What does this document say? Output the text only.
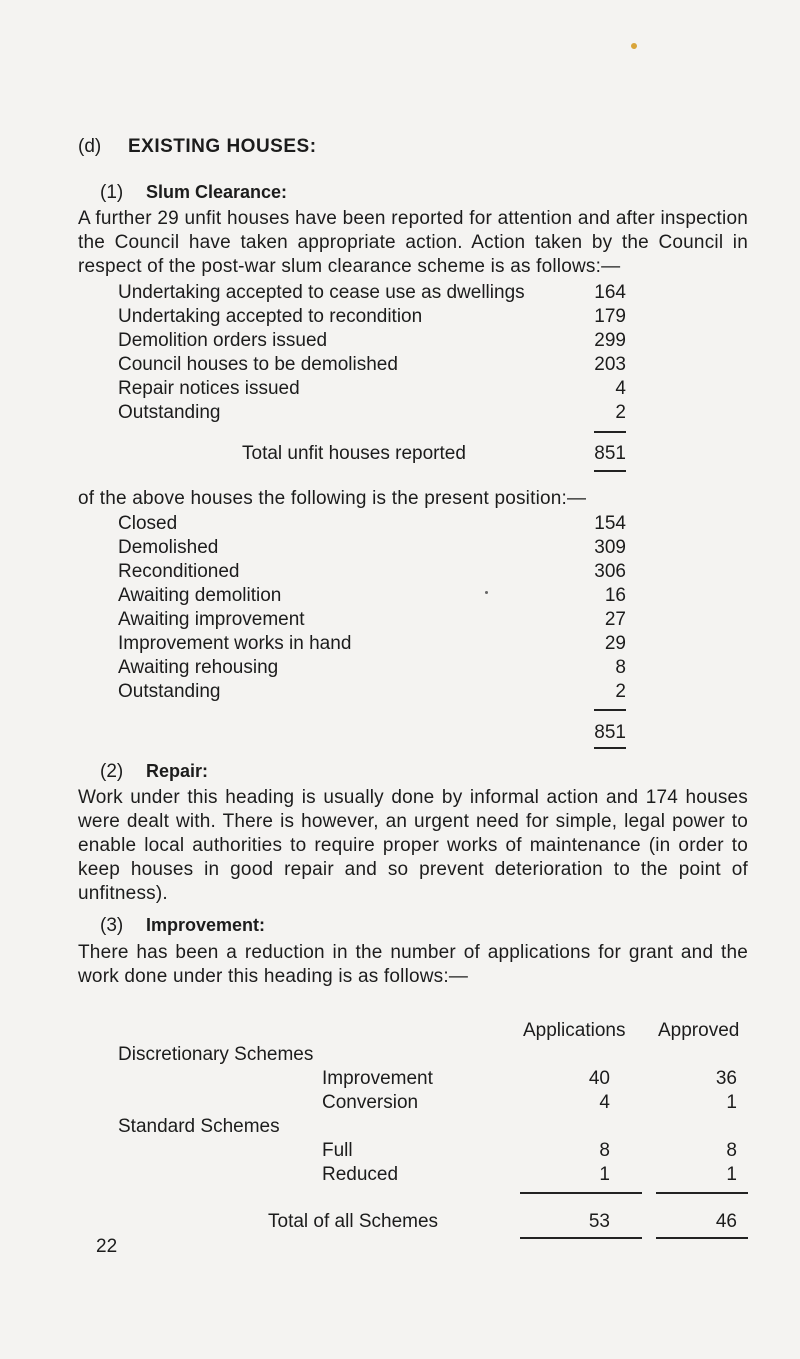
(d) EXISTING HOUSES:
(1) Slum Clearance:
A further 29 unfit houses have been reported for attention and after inspection the Council have taken appropriate action. Action taken by the Council in respect of the post-war slum clearance scheme is as follows:—
Undertaking accepted to cease use as dwellings	164
Undertaking accepted to recondition	179
Demolition orders issued	299
Council houses to be demolished	203
Repair notices issued	4
Outstanding	2
Total unfit houses reported	851
of the above houses the following is the present position:—
Closed	154
Demolished	309
Reconditioned	306
Awaiting demolition	16
Awaiting improvement	27
Improvement works in hand	29
Awaiting rehousing	8
Outstanding	2
851
(2) Repair:
Work under this heading is usually done by informal action and 174 houses were dealt with. There is however, an urgent need for simple, legal power to enable local authorities to require proper works of maintenance (in order to keep houses in good repair and so prevent deterioration to the point of unfitness).
(3) Improvement:
There has been a reduction in the number of applications for grant and the work done under this heading is as follows:—
Applications Approved
Discretionary Schemes
Improvement	40	36
Conversion	4	1
Standard Schemes
Full	8	8
Reduced	1	1
Total of all Schemes	53	46
22
